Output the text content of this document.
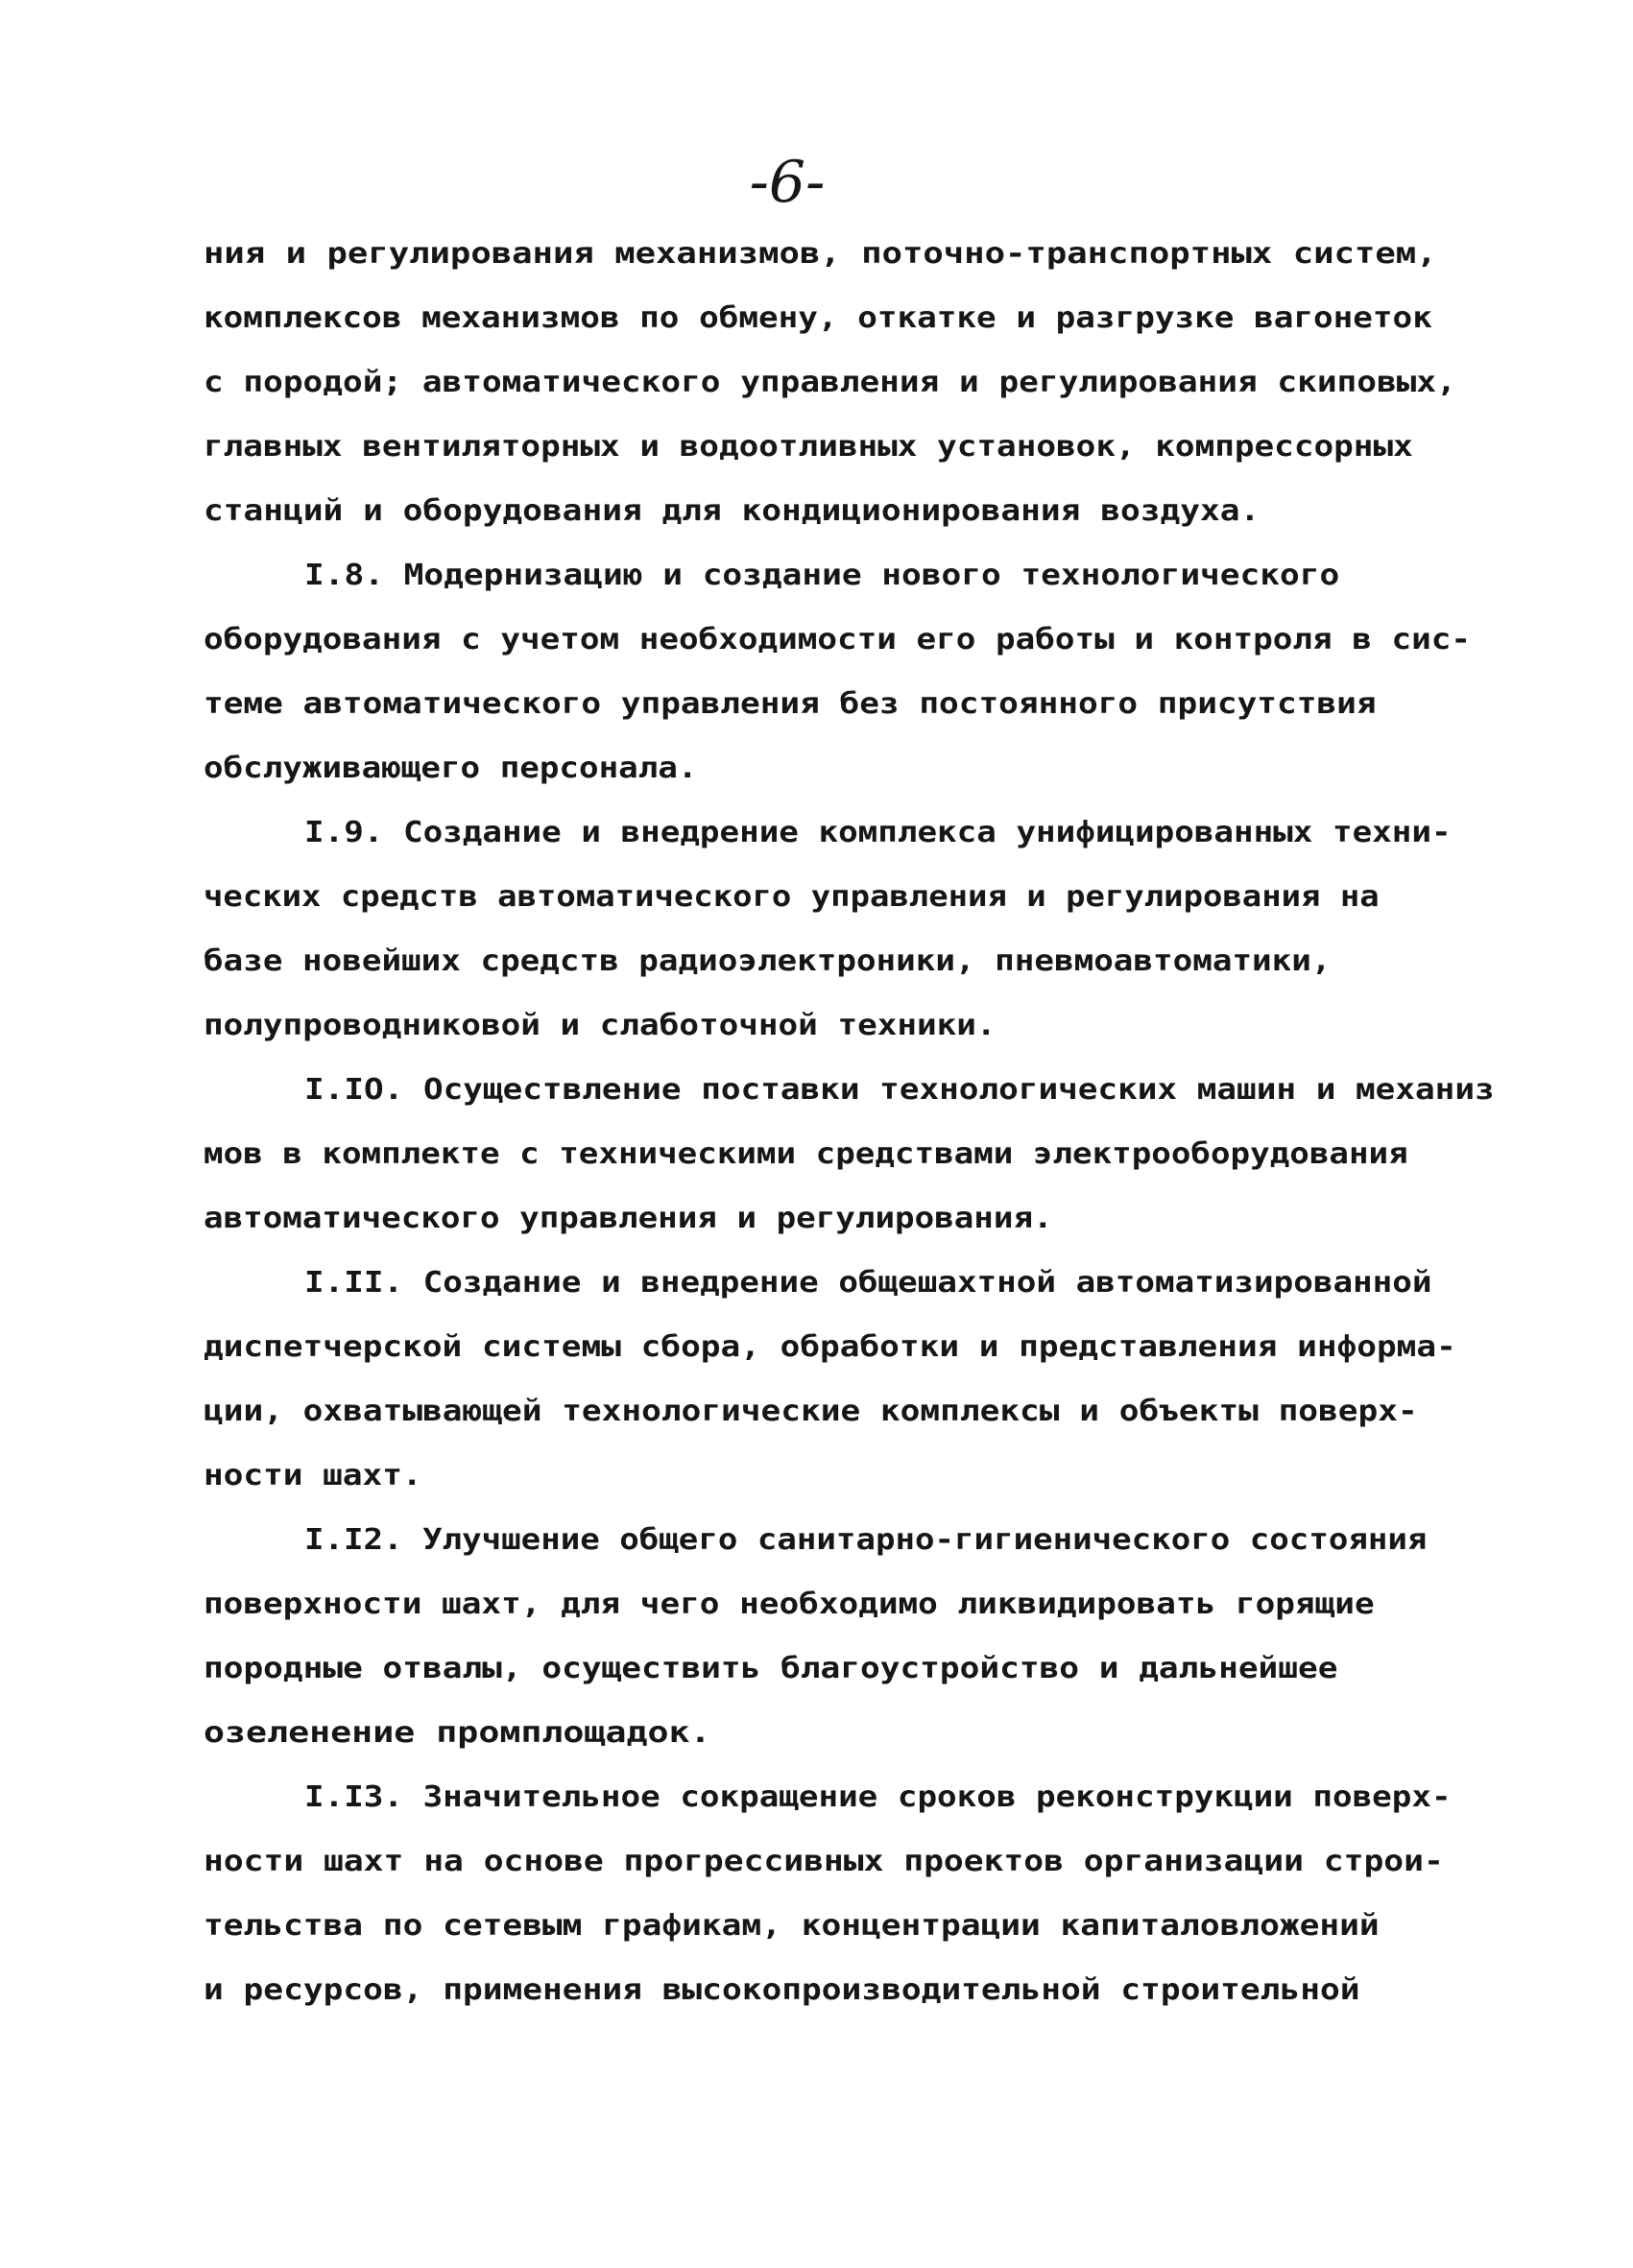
-6-
ния и регулирования механизмов, поточно-транспортных систем,
комплексов механизмов по обмену, откатке и разгрузке вагонеток
с породой; автоматического управления и регулирования скиповых,
главных вентиляторных и водоотливных установок, компрессорных
станций и оборудования для кондиционирования воздуха.
I.8. Модернизацию и создание нового технологического
оборудования с учетом необходимости его работы и контроля в сис-
теме автоматического управления без постоянного присутствия
обслуживающего персонала.
I.9. Создание и внедрение комплекса унифицированных техни-
ческих средств автоматического управления и регулирования на
базе новейших средств радиоэлектроники, пневмоавтоматики,
полупроводниковой и слаботочной техники.
I.IO. Осуществление поставки технологических машин и механиз
мов в комплекте с техническими средствами электрооборудования
автоматического управления и регулирования.
I.II. Создание и внедрение общешахтной автоматизированной
диспетчерской системы сбора, обработки и представления информа-
ции, охватывающей технологические комплексы и объекты поверх-
ности шахт.
I.I2. Улучшение общего санитарно-гигиенического состояния
поверхности шахт, для чего необходимо ликвидировать горящие
породные отвалы, осуществить благоустройство и дальнейшее
озеленение промплощадок.
I.I3. Значительное сокращение сроков реконструкции поверх-
ности шахт на основе прогрессивных проектов организации строи-
тельства по сетевым графикам, концентрации капиталовложений
и ресурсов, применения высокопроизводительной строительной
